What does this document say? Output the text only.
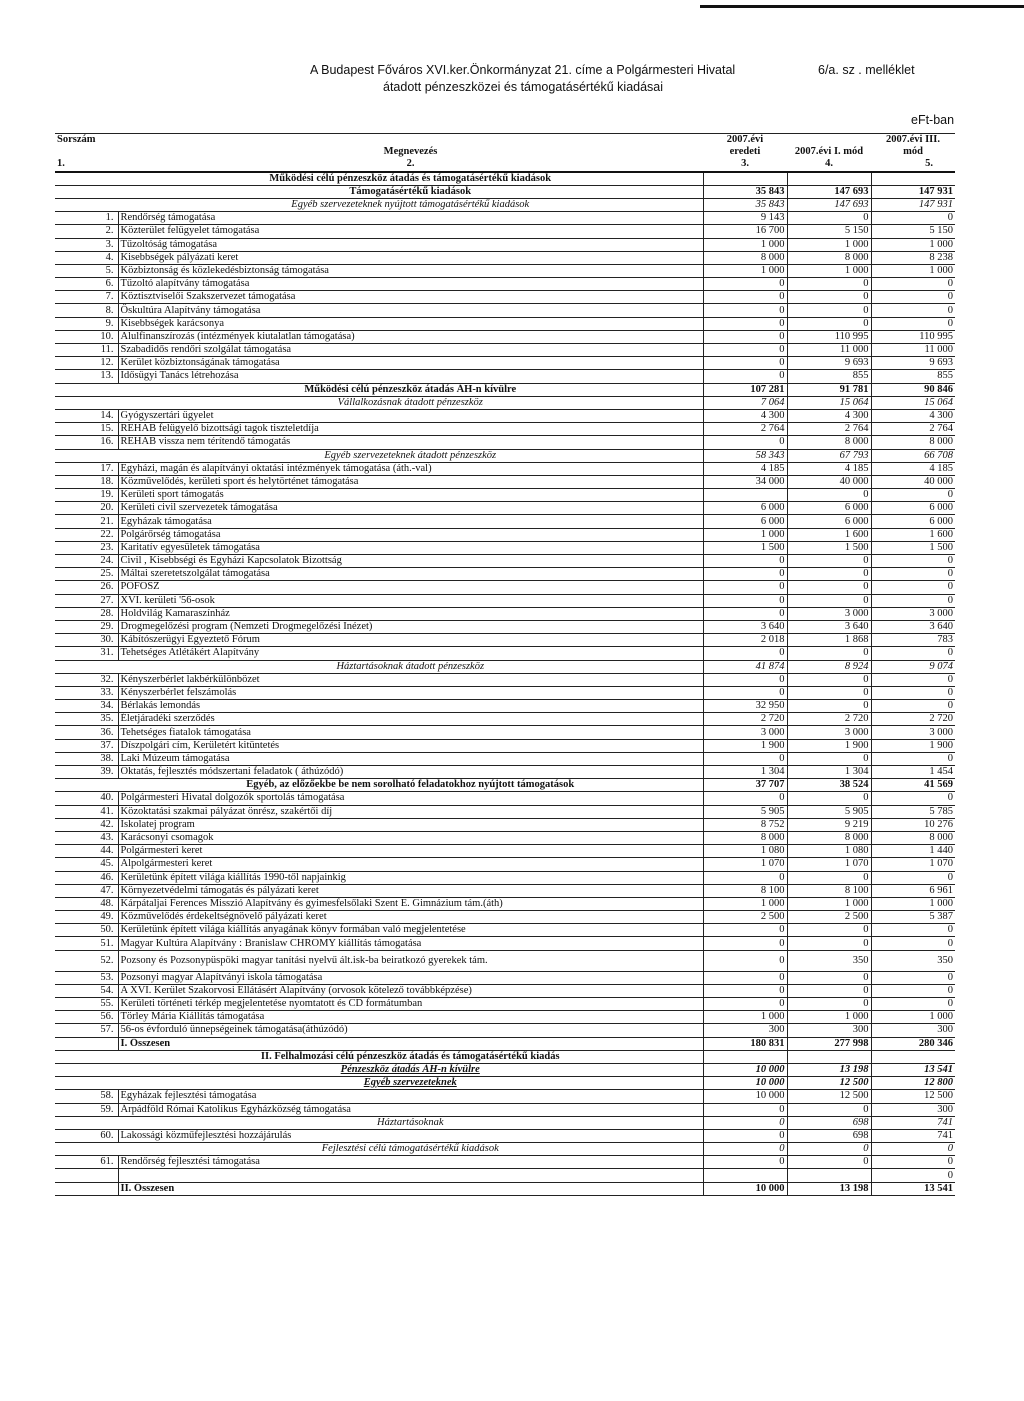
A Budapest Főváros XVI.ker.Önkormányzat 21. címe a Polgármesteri Hivatal
átadott pénzeszközei és támogatásértékű kiadásai
6/a. sz . melléklet
eFt-ban
Sorszám		2007.évi		2007.évi III.
	Megnevezés	eredeti	2007.évi I. mód	mód
1.	2.	3.	4.	5.
	Működési célú pénzeszköz átadás és támogatásértékű kiadások			
	Támogatásértékű kiadások	35 843	147 693	147 931
	Egyéb szervezeteknek nyújtott támogatásértékű kiadások	35 843	147 693	147 931
1.	Rendőrség támogatása	9 143	0	0
2.	Közterület felügyelet támogatása	16 700	5 150	5 150
3.	Tűzoltóság támogatása	1 000	1 000	1 000
4.	Kisebbségek pályázati keret	8 000	8 000	8 238
5.	Közbiztonság és közlekedésbiztonság támogatása	1 000	1 000	1 000
6.	Tűzoltó alapítvány támogatása	0	0	0
7.	Köztisztviselői Szakszervezet támogatása	0	0	0
8.	Őskultúra Alapítvány támogatása	0	0	0
9.	Kisebbségek karácsonya	0	0	0
10.	Alulfinanszírozás (intézmények kiutalatlan támogatása)	0	110 995	110 995
11.	Szabadidős rendőri szolgálat támogatása	0	11 000	11 000
12.	Kerület közbiztonságának támogatása	0	9 693	9 693
13.	Idősügyi Tanács létrehozása	0	855	855
	Működési célú pénzeszköz átadás ÁH-n kívülre	107 281	91 781	90 846
	Vállalkozásnak átadott pénzeszköz	7 064	15 064	15 064
14.	Gyógyszertári ügyelet	4 300	4 300	4 300
15.	REHAB felügyelő bizottsági tagok tiszteletdíja	2 764	2 764	2 764
16.	REHAB vissza nem térítendő támogatás	0	8 000	8 000
	Egyéb szervezeteknek átadott pénzeszköz	58 343	67 793	66 708
17.	Egyházi, magán és alapítványi oktatási intézmények támogatása (áth.-val)	4 185	4 185	4 185
18.	Közművelődés, kerületi sport és helytörténet támogatása	34 000	40 000	40 000
19.	Kerületi sport támogatás		0	0
20.	Kerületi civil szervezetek támogatása	6 000	6 000	6 000
21.	Egyházak támogatása	6 000	6 000	6 000
22.	Polgárőrség támogatása	1 000	1 600	1 600
23.	Karitatív egyesületek támogatása	1 500	1 500	1 500
24.	Civil , Kisebbségi és Egyházi Kapcsolatok Bizottság	0	0	0
25.	Máltai szeretetszolgálat támogatása	0	0	0
26.	POFOSZ	0	0	0
27.	XVI. kerületi '56-osok	0	0	0
28.	Holdvilág Kamaraszínház	0	3 000	3 000
29.	Drogmegelőzési program (Nemzeti Drogmegelőzési Inézet)	3 640	3 640	3 640
30.	Kábítószerügyi Egyeztető Fórum	2 018	1 868	783
31.	Tehetséges Atlétákért Alapítvány	0	0	0
	Háztartásoknak átadott pénzeszköz	41 874	8 924	9 074
32.	Kényszerbérlet lakbérkülönbözet	0	0	0
33.	Kényszerbérlet felszámolás	0	0	0
34.	Bérlakás lemondás	32 950	0	0
35.	Életjáradéki szerződés	2 720	2 720	2 720
36.	Tehetséges fiatalok támogatása	3 000	3 000	3 000
37.	Díszpolgári cím, Kerületért kitüntetés	1 900	1 900	1 900
38.	Laki Múzeum támogatása	0	0	0
39.	Oktatás, fejlesztés módszertani feladatok ( áthúzódó)	1 304	1 304	1 454
	Egyéb, az előzőekbe be nem sorolható feladatokhoz nyújtott támogatások	37 707	38 524	41 569
40.	Polgármesteri Hivatal dolgozók sportolás támogatása	0	0	0
41.	Közoktatási szakmai pályázat önrész, szakértői díj	5 905	5 905	5 785
42.	Iskolatej program	8 752	9 219	10 276
43.	Karácsonyi csomagok	8 000	8 000	8 000
44.	Polgármesteri keret	1 080	1 080	1 440
45.	Alpolgármesteri keret	1 070	1 070	1 070
46.	Kerületünk épített világa kiállítás 1990-től napjainkig	0	0	0
47.	Környezetvédelmi támogatás és pályázati keret	8 100	8 100	6 961
48.	Kárpátaljai Ferences Misszió Alapítvány és gyimesfelsőlaki Szent E. Gimnázium tám.(áth)	1 000	1 000	1 000
49.	Közművelődés érdekeltségnövelő pályázati keret	2 500	2 500	5 387
50.	Kerületünk épített világa kiállítás anyagának könyv formában való megjelentetése	0	0	0
51.	Magyar Kultúra Alapítvány : Branislaw CHROMY kiállítás támogatása	0	0	0
52.	Pozsony és Pozsonypüspöki magyar tanítási nyelvű ált.isk-ba beiratkozó gyerekek tám.	0	350	350
53.	Pozsonyi magyar Alapítványi iskola támogatása	0	0	0
54.	A XVI. Kerület Szakorvosi Ellátásért Alapítvány (orvosok kötelező továbbképzése)	0	0	0
55.	Kerületi történeti térkép megjelentetése nyomtatott és CD formátumban	0	0	0
56.	Törley Mária Kiállítás támogatása	1 000	1 000	1 000
57.	56-os évforduló ünnepségeinek támogatása(áthúzódó)	300	300	300
	I. Összesen	180 831	277 998	280 346
	II. Felhalmozási célú pénzeszköz átadás és támogatásértékű kiadás			
	Pénzeszköz átadás ÁH-n kívülre	10 000	13 198	13 541
	Egyéb szervezeteknek	10 000	12 500	12 800
58.	Egyházak fejlesztési támogatása	10 000	12 500	12 500
59.	Árpádföld Római Katolikus Egyházközség támogatása	0	0	300
	Háztartásoknak	0	698	741
60.	Lakossági közműfejlesztési hozzájárulás	0	698	741
	Fejlesztési célú támogatásértékű kiadások	0	0	0
61.	Rendőrség fejlesztési támogatása	0	0	0
				0
	II. Összesen	10 000	13 198	13 541
